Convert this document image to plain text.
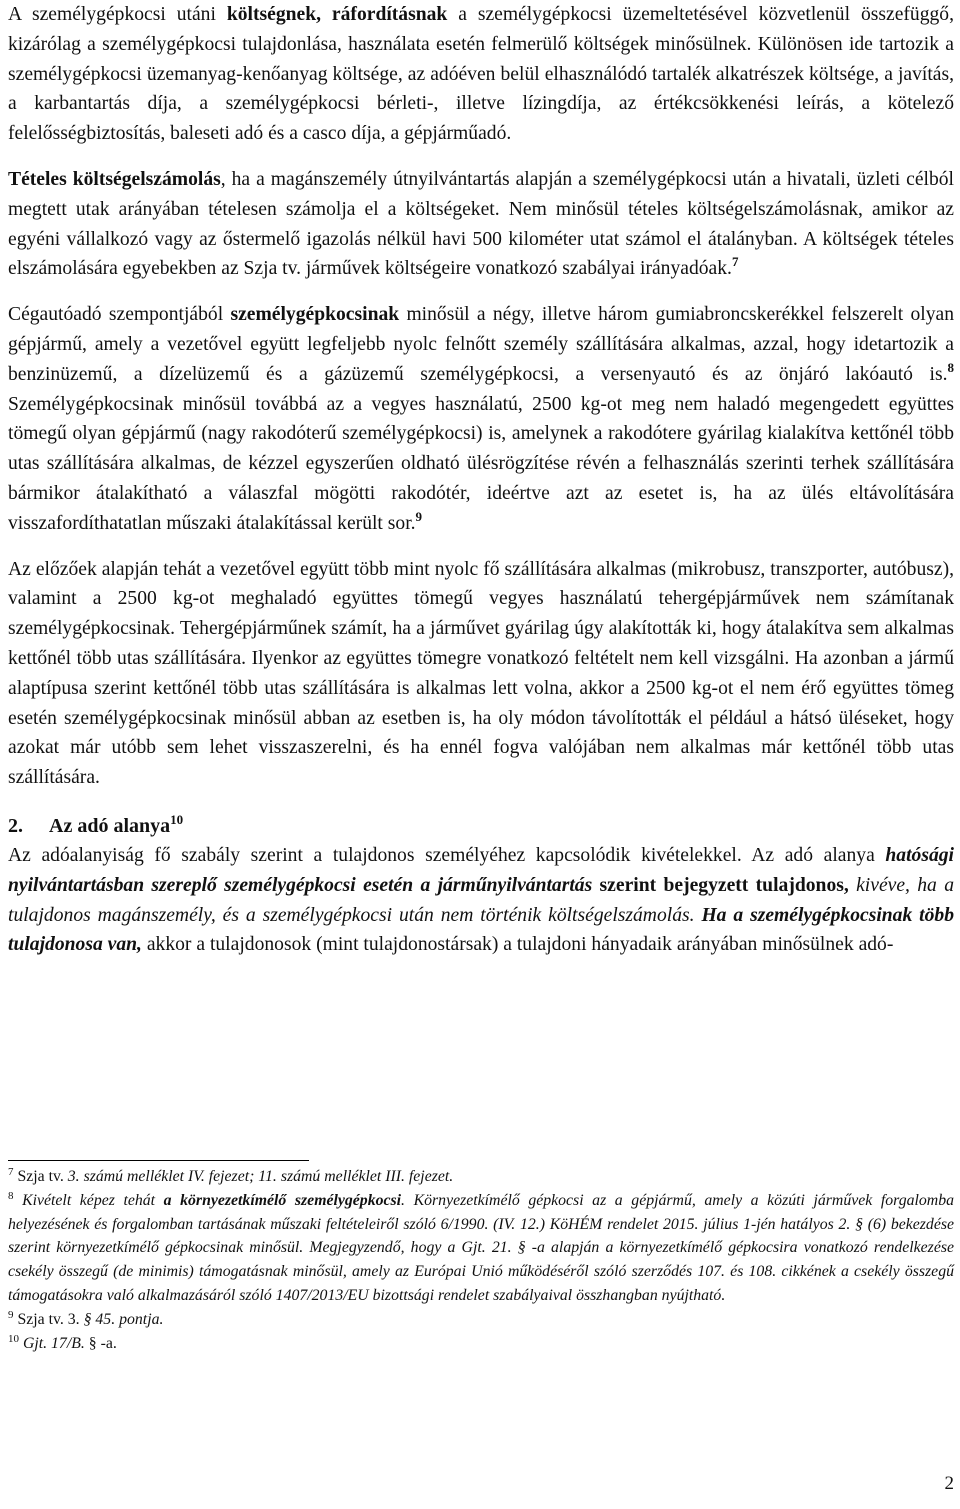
A személygépkocsi utáni költségnek, ráfordításnak a személygépkocsi üzemeltetésével közvetlenül összefüggő, kizárólag a személygépkocsi tulajdonlása, használata esetén felmerülő költségek minősülnek. Különösen ide tartozik a személygépkocsi üzemanyag-kenőanyag költsége, az adóéven belül elhasználódó tartalék alkatrészek költsége, a javítás, a karbantartás díja, a személygépkocsi bérleti-, illetve lízingdíja, az értékcsökkenési leírás, a kötelező felelősségbiztosítás, baleseti adó és a casco díja, a gépjárműadó.

Tételes költségelszámolás, ha a magánszemély útnyilvántartás alapján a személygépkocsi után a hivatali, üzleti célból megtett utak arányában tételesen számolja el a költségeket. Nem minősül tételes költségelszámolásnak, amikor az egyéni vállalkozó vagy az őstermelő igazolás nélkül havi 500 kilométer utat számol el átalányban. A költségek tételes elszámolására egyebekben az Szja tv. járművek költségeire vonatkozó szabályai irányadóak.$^7$

Cégautóadó szempontjából személygépkocsinak minősül a négy, illetve három gumiabroncskerékkel felszerelt olyan gépjármű, amely a vezetővel együtt legfeljebb nyolc felnőtt személy szállítására alkalmas, azzal, hogy idetartozik a benzinüzemű, a dízelüzemű és a gázüzemű személygépkocsi, a versenyautó és az önjáró lakóautó is.$^8$ Személygépkocsinak minősül továbbá az a vegyes használatú, 2500 kg-ot meg nem haladó megengedett együttes tömegű olyan gépjármű (nagy rakodóterű személygépkocsi) is, amelynek a rakodótere gyárilag kialakítva kettőnél több utas szállítására alkalmas, de kézzel egyszerűen oldható ülésrögzítése révén a felhasználás szerinti terhek szállítására bármikor átalakítható a válaszfal mögötti rakodótér, ideértve azt az esetet is, ha az ülés eltávolítására visszafordíthatatlan műszaki átalakítással került sor.$^9$

Az előzőek alapján tehát a vezetővel együtt több mint nyolc fő szállítására alkalmas (mikrobusz, transzporter, autóbusz), valamint a 2500 kg-ot meghaladó együttes tömegű vegyes használatú tehergépjárművek nem számítanak személygépkocsinak. Tehergépjárműnek számít, ha a járművet gyárilag úgy alakították ki, hogy átalakítva sem alkalmas kettőnél több utas szállítására. Ilyenkor az együttes tömegre vonatkozó feltételt nem kell vizsgálni. Ha azonban a jármű alaptípusa szerint kettőnél több utas szállítására is alkalmas lett volna, akkor a 2500 kg-ot el nem érő együttes tömeg esetén személygépkocsinak minősül abban az esetben is, ha oly módon távolították el például a hátsó üléseket, hogy azokat már utóbb sem lehet visszaszerelni, és ha ennél fogva valójában nem alkalmas már kettőnél több utas szállítására.

2. Az adó alanya$^{10}$

Az adóalanyiság fő szabály szerint a tulajdonos személyéhez kapcsolódik kivételekkel. Az adó alanya hatósági nyilvántartásban szereplő személygépkocsi esetén a járműnyilvántartás szerint bejegyzett tulajdonos, kivéve, ha a tulajdonos magánszemély, és a személygépkocsi után nem történik költségelszámolás. Ha a személygépkocsinak több tulajdonosa van, akkor a tulajdonosok (mint tulajdonostársak) a tulajdoni hányadaik arányában minősülnek adó-

$^7$ Szja tv. 3. számú melléklet IV. fejezet; 11. számú melléklet III. fejezet.

$^8$ Kivételt képez tehát a környezetkímélő személygépkocsi. Környezetkímélő gépkocsi az a gépjármű, amely a közúti járművek forgalomba helyezésének és forgalomban tartásának műszaki feltételeiről szóló 6/1990. (IV. 12.) KöHÉM rendelet 2015. július 1-jén hatályos 2. § (6) bekezdése szerint környezetkímélő gépkocsinak minősül. Megjegyzendő, hogy a Gjt. 21. § -a alapján a környezetkímélő gépkocsira vonatkozó rendelkezése csekély összegű (de minimis) támogatásnak minősül, amely az Európai Unió működéséről szóló szerződés 107. és 108. cikkének a csekély összegű támogatásokra való alkalmazásáról szóló 1407/2013/EU bizottsági rendelet szabályaival összhangban nyújtható.

$^9$ Szja tv. 3. § 45. pontja.

$^{10}$ Gjt. 17/B. § -a.

2
